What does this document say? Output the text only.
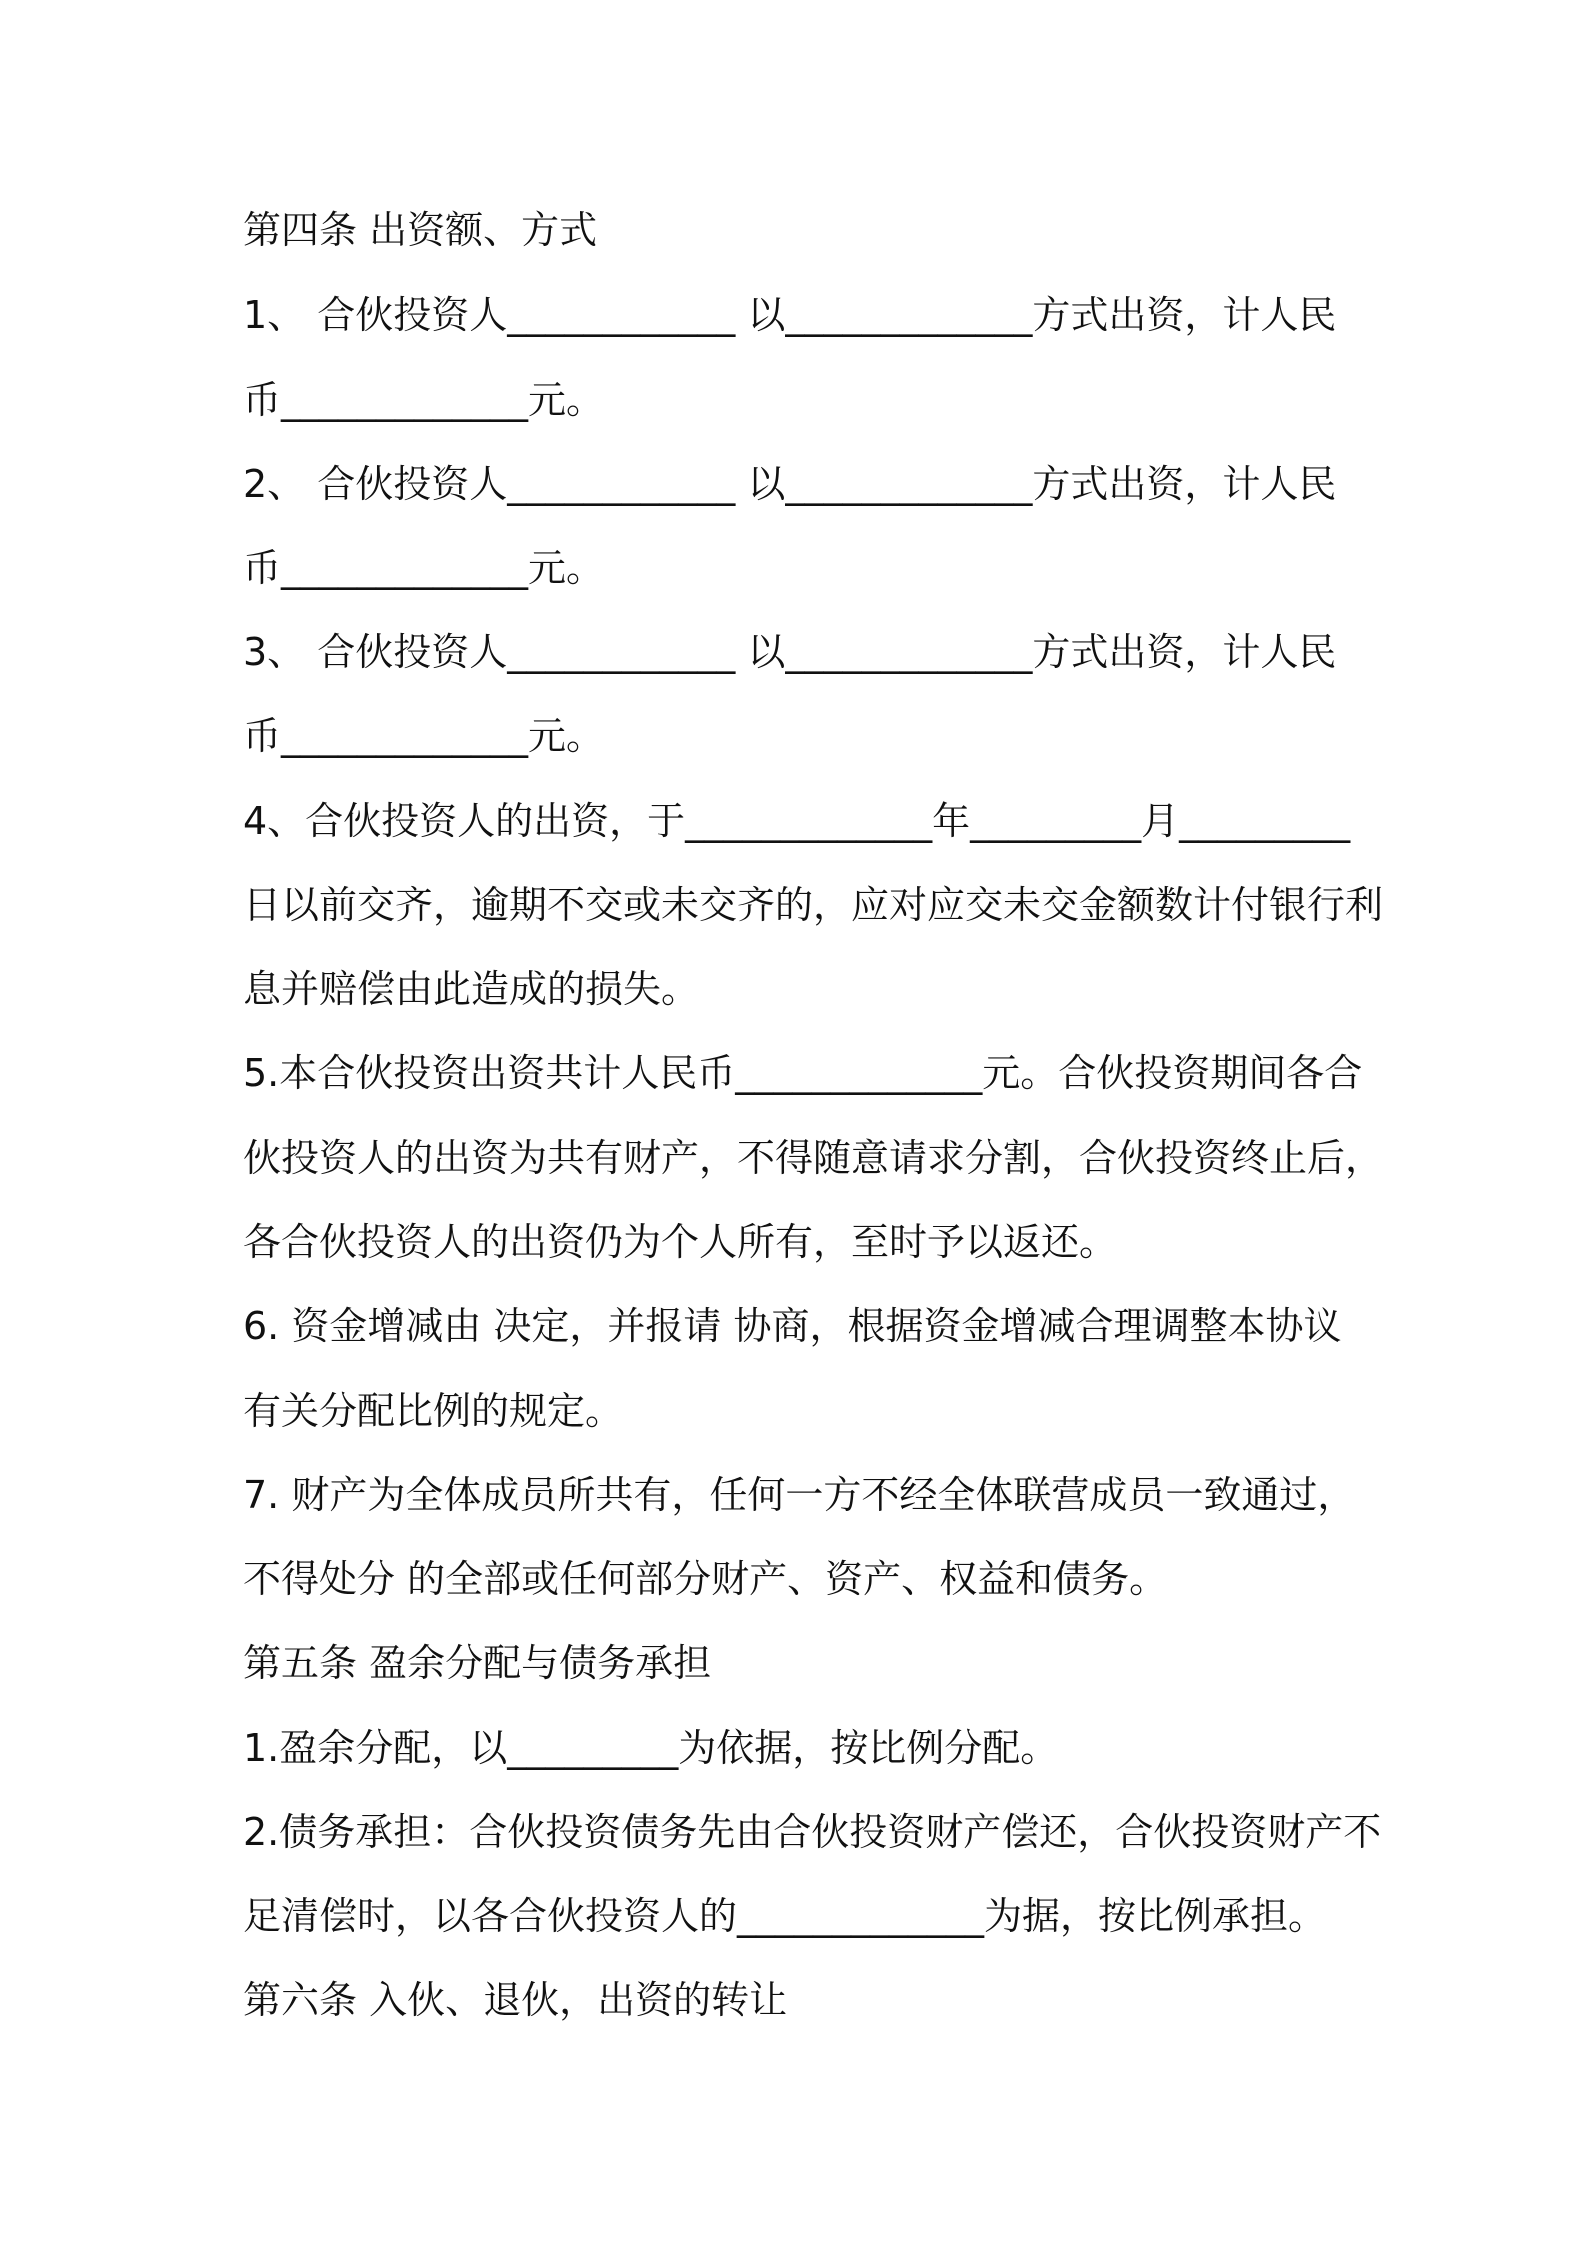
第四条 出资额、方式
1、 合伙投资人____________ 以_____________方式出资，计人民
币_____________元。
2、 合伙投资人____________ 以_____________方式出资，计人民
币_____________元。
3、 合伙投资人____________ 以_____________方式出资，计人民
币_____________元。
4、合伙投资人的出资，于_____________年_________月_________
日以前交齐，逾期不交或未交齐的，应对应交未交金额数计付银行利
息并赔偿由此造成的损失。
5.本合伙投资出资共计人民币_____________元。合伙投资期间各合
伙投资人的出资为共有财产，不得随意请求分割，合伙投资终止后，
各合伙投资人的出资仍为个人所有，至时予以返还。
6. 资金增减由 决定，并报请 协商，根据资金增减合理调整本协议
有关分配比例的规定。
7. 财产为全体成员所共有，任何一方不经全体联营成员一致通过，
不得处分 的全部或任何部分财产、资产、权益和债务。
第五条 盈余分配与债务承担
1.盈余分配，以_________为依据，按比例分配。
2.债务承担：合伙投资债务先由合伙投资财产偿还，合伙投资财产不
足清偿时，以各合伙投资人的_____________为据，按比例承担。
第六条 入伙、退伙，出资的转让
